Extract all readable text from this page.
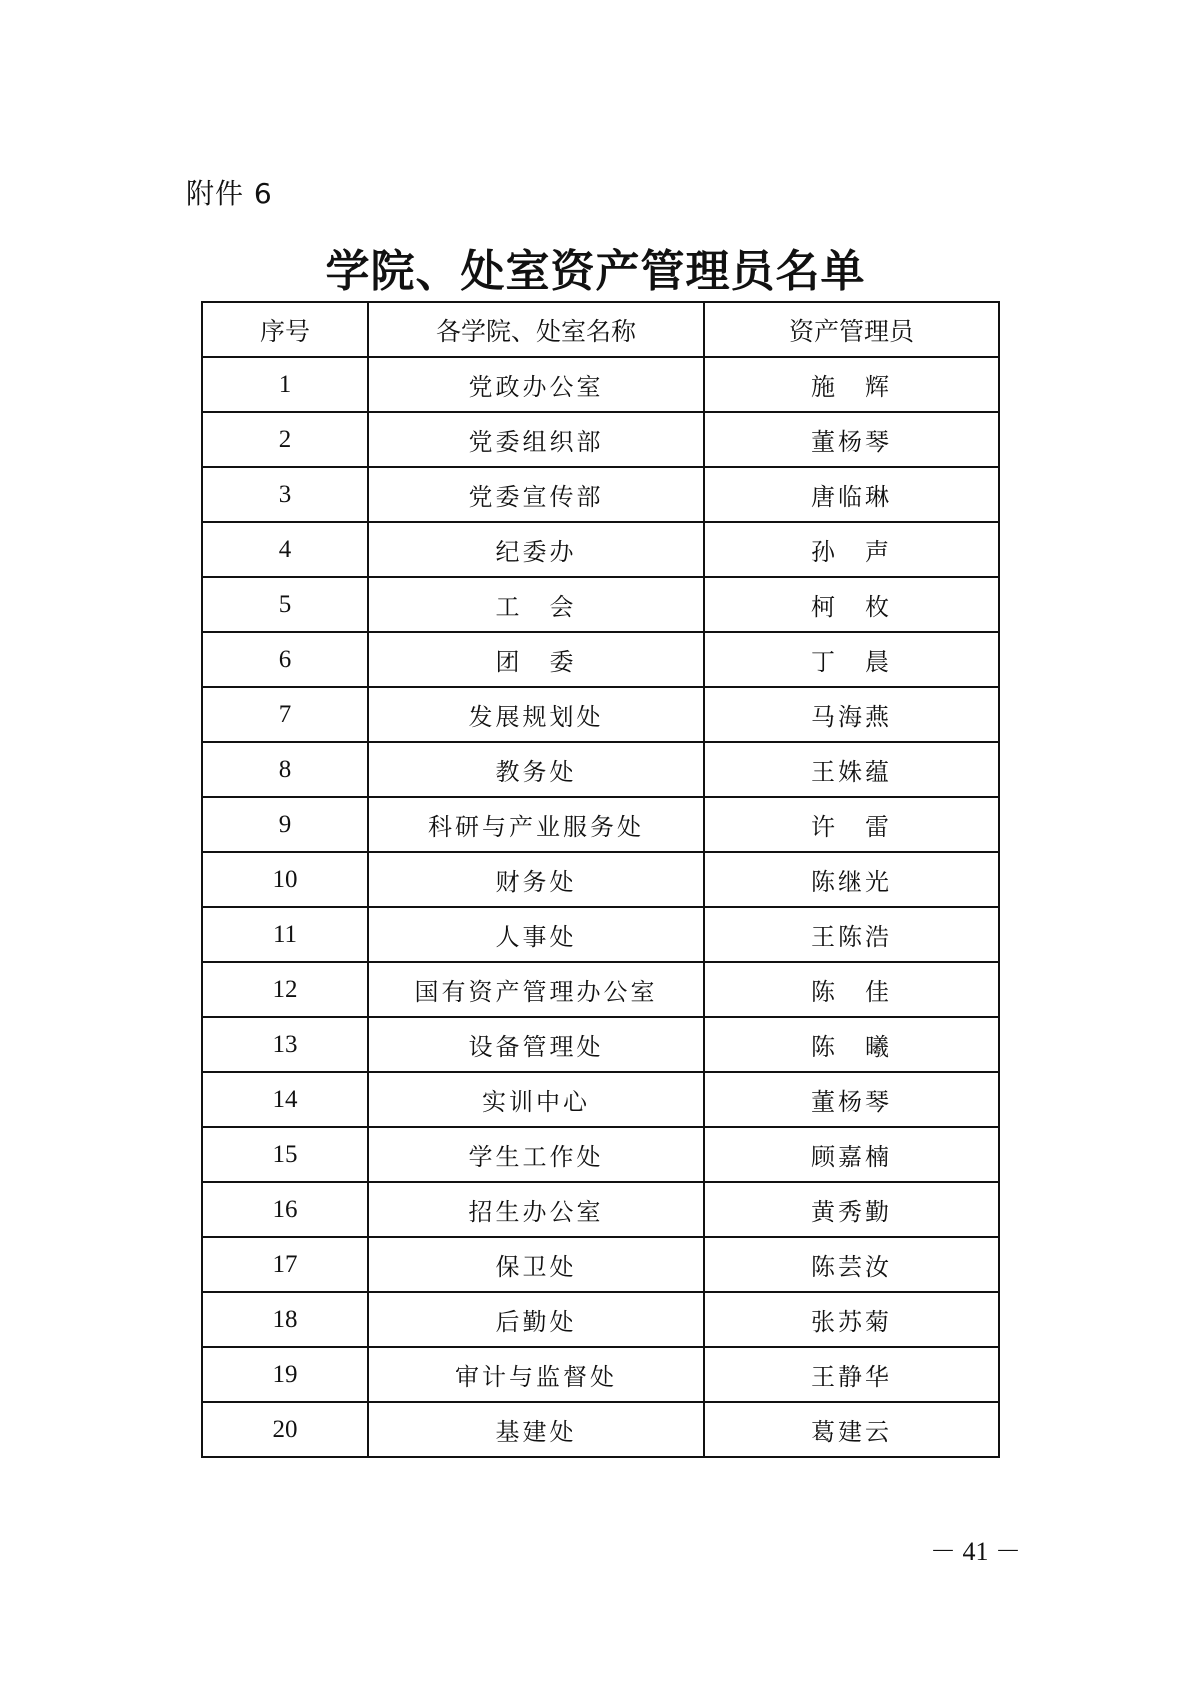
附件 6
学院、处室资产管理员名单
序号	各学院、处室名称	资产管理员
1	党政办公室	施　辉
2	党委组织部	董杨琴
3	党委宣传部	唐临琳
4	纪委办	孙　声
5	工　会	柯　枚
6	团　委	丁　晨
7	发展规划处	马海燕
8	教务处	王姝蕴
9	科研与产业服务处	许　雷
10	财务处	陈继光
11	人事处	王陈浩
12	国有资产管理办公室	陈　佳
13	设备管理处	陈　曦
14	实训中心	董杨琴
15	学生工作处	顾嘉楠
16	招生办公室	黄秀勤
17	保卫处	陈芸汝
18	后勤处	张苏菊
19	审计与监督处	王静华
20	基建处	葛建云
－ 41 －
